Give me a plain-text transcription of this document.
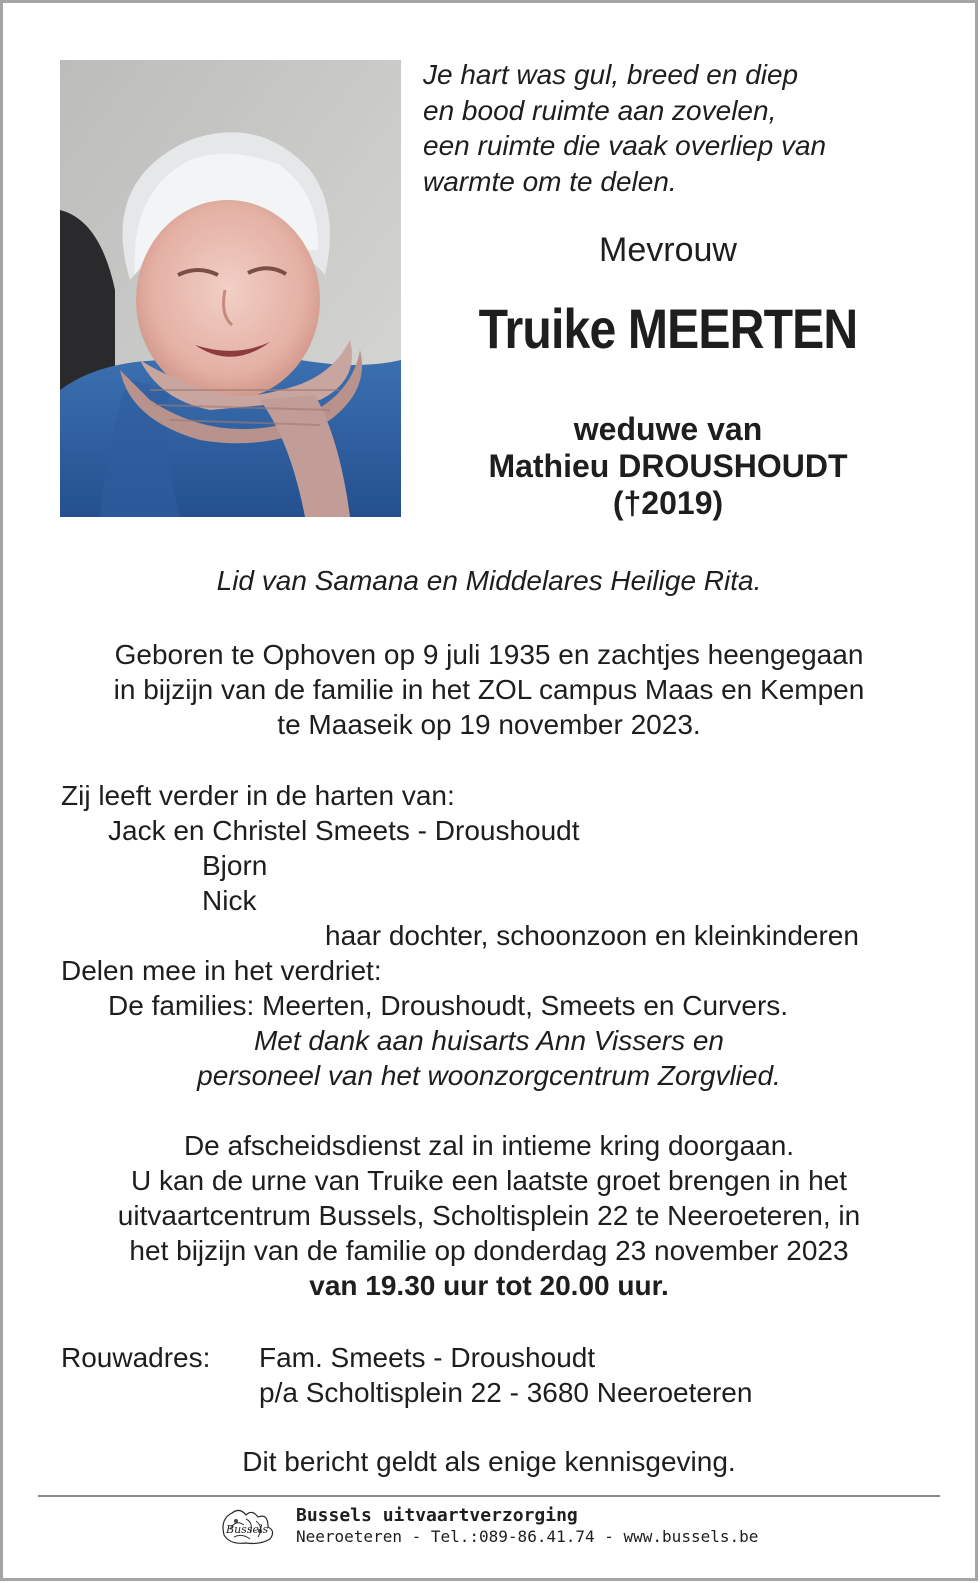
Je hart was gul, breed en diep
en bood ruimte aan zovelen,
een ruimte die vaak overliep van
warmte om te delen.
Mevrouw
Truike MEERTEN
weduwe van
Mathieu DROUSHOUDT
(†2019)
Lid van Samana en Middelares Heilige Rita.
Geboren te Ophoven op 9 juli 1935 en zachtjes heengegaan
in bijzijn van de familie in het ZOL campus Maas en Kempen
te Maaseik op 19 november 2023.
Zij leeft verder in de harten van:
Jack en Christel Smeets - Droushoudt
Bjorn
Nick
haar dochter, schoonzoon en kleinkinderen
Delen mee in het verdriet:
De families: Meerten, Droushoudt, Smeets en Curvers.
Met dank aan huisarts Ann Vissers en
personeel van het woonzorgcentrum Zorgvlied.
De afscheidsdienst zal in intieme kring doorgaan.
U kan de urne van Truike een laatste groet brengen in het
uitvaartcentrum Bussels, Scholtisplein 22 te Neeroeteren, in
het bijzijn van de familie op donderdag 23 november 2023
van 19.30 uur tot 20.00 uur.
Rouwadres: Fam. Smeets - Droushoudt
p/a Scholtisplein 22 - 3680 Neeroeteren
Dit bericht geldt als enige kennisgeving.
Bussels
Bussels uitvaartverzorging
Neeroeteren - Tel.:089-86.41.74 - www.bussels.be
